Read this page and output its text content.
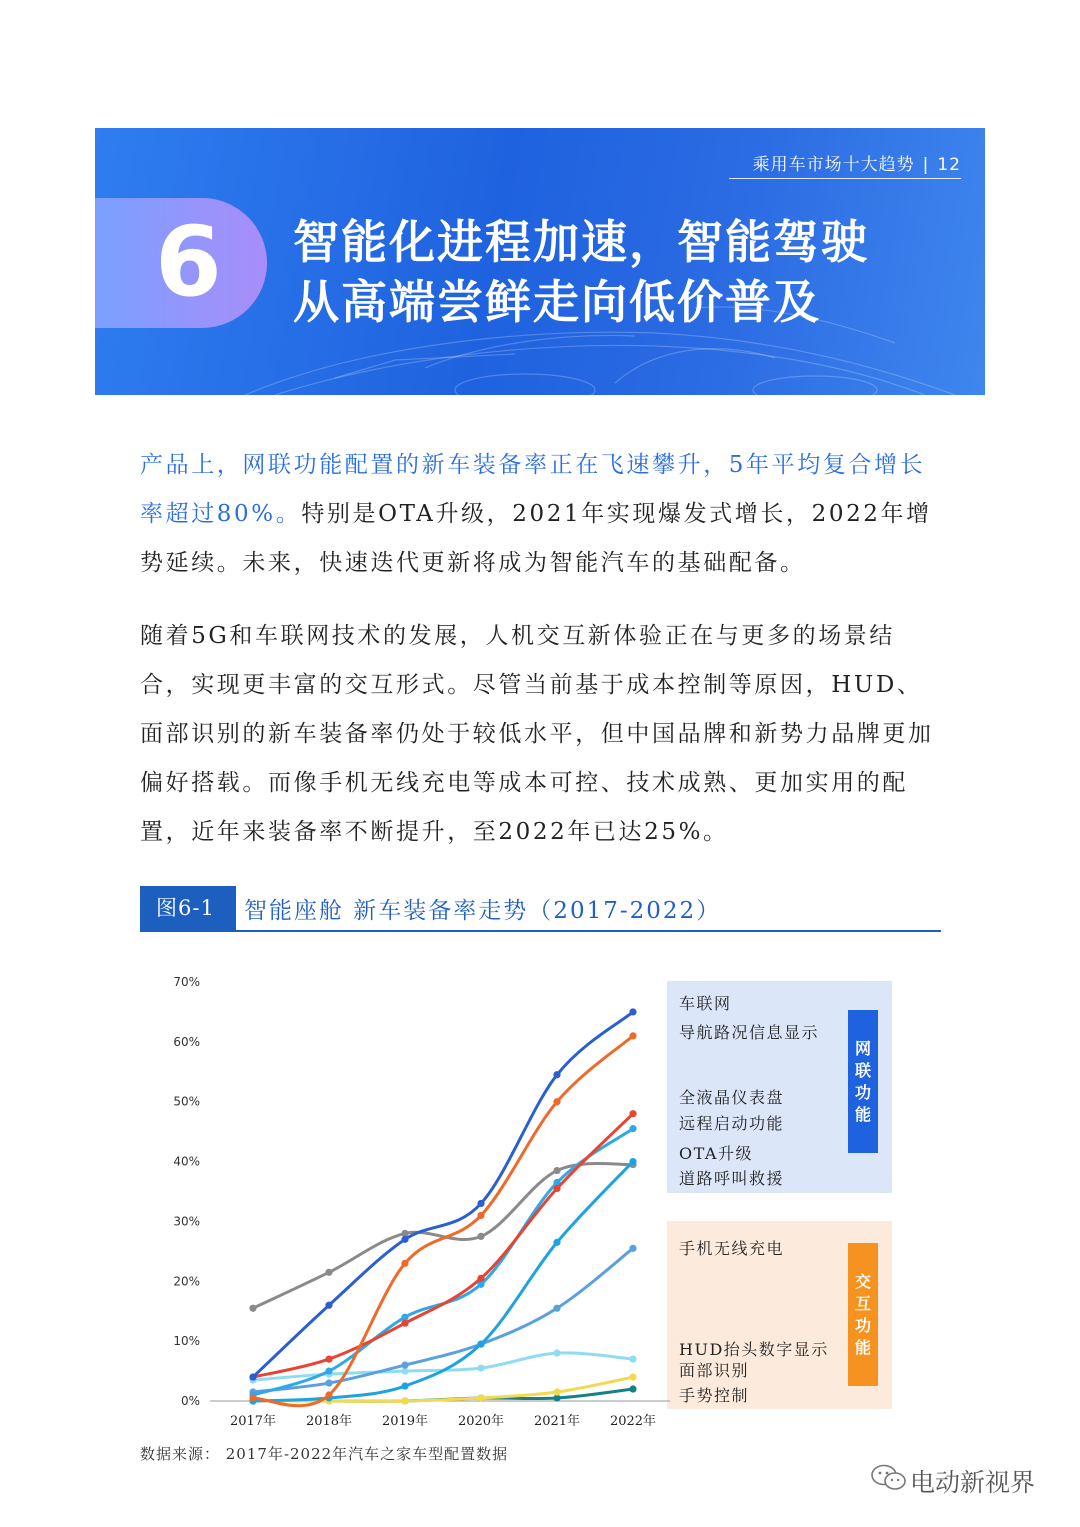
乘用车市场十大趋势 | 12
6 智能化进程加速，智能驾驶
从高端尝鲜走向低价普及
产品上，网联功能配置的新车装备率正在飞速攀升，5年平均复合增长率超过80%。特别是OTA升级，2021年实现爆发式增长，2022年增势延续。未来，快速迭代更新将成为智能汽车的基础配备。
随着5G和车联网技术的发展，人机交互新体验正在与更多的场景结合，实现更丰富的交互形式。尽管当前基于成本控制等原因，HUD、面部识别的新车装备率仍处于较低水平，但中国品牌和新势力品牌更加偏好搭载。而像手机无线充电等成本可控、技术成熟、更加实用的配置，近年来装备率不断提升，至2022年已达25%。
图6-1	智能座舱 新车装备率走势（2017-2022）
0%
10%
20%
30%
40%
50%
60%
70%
2017年 2018年 2019年 2020年 2021年 2022年
车联网
导航路况信息显示
全液晶仪表盘
远程启动功能
OTA升级
道路呼叫救援
手机无线充电
HUD抬头数字显示
面部识别
手势控制
网
联
功
能
交
互
功
能
数据来源： 2017年-2022年汽车之家车型配置数据
电动新视界
